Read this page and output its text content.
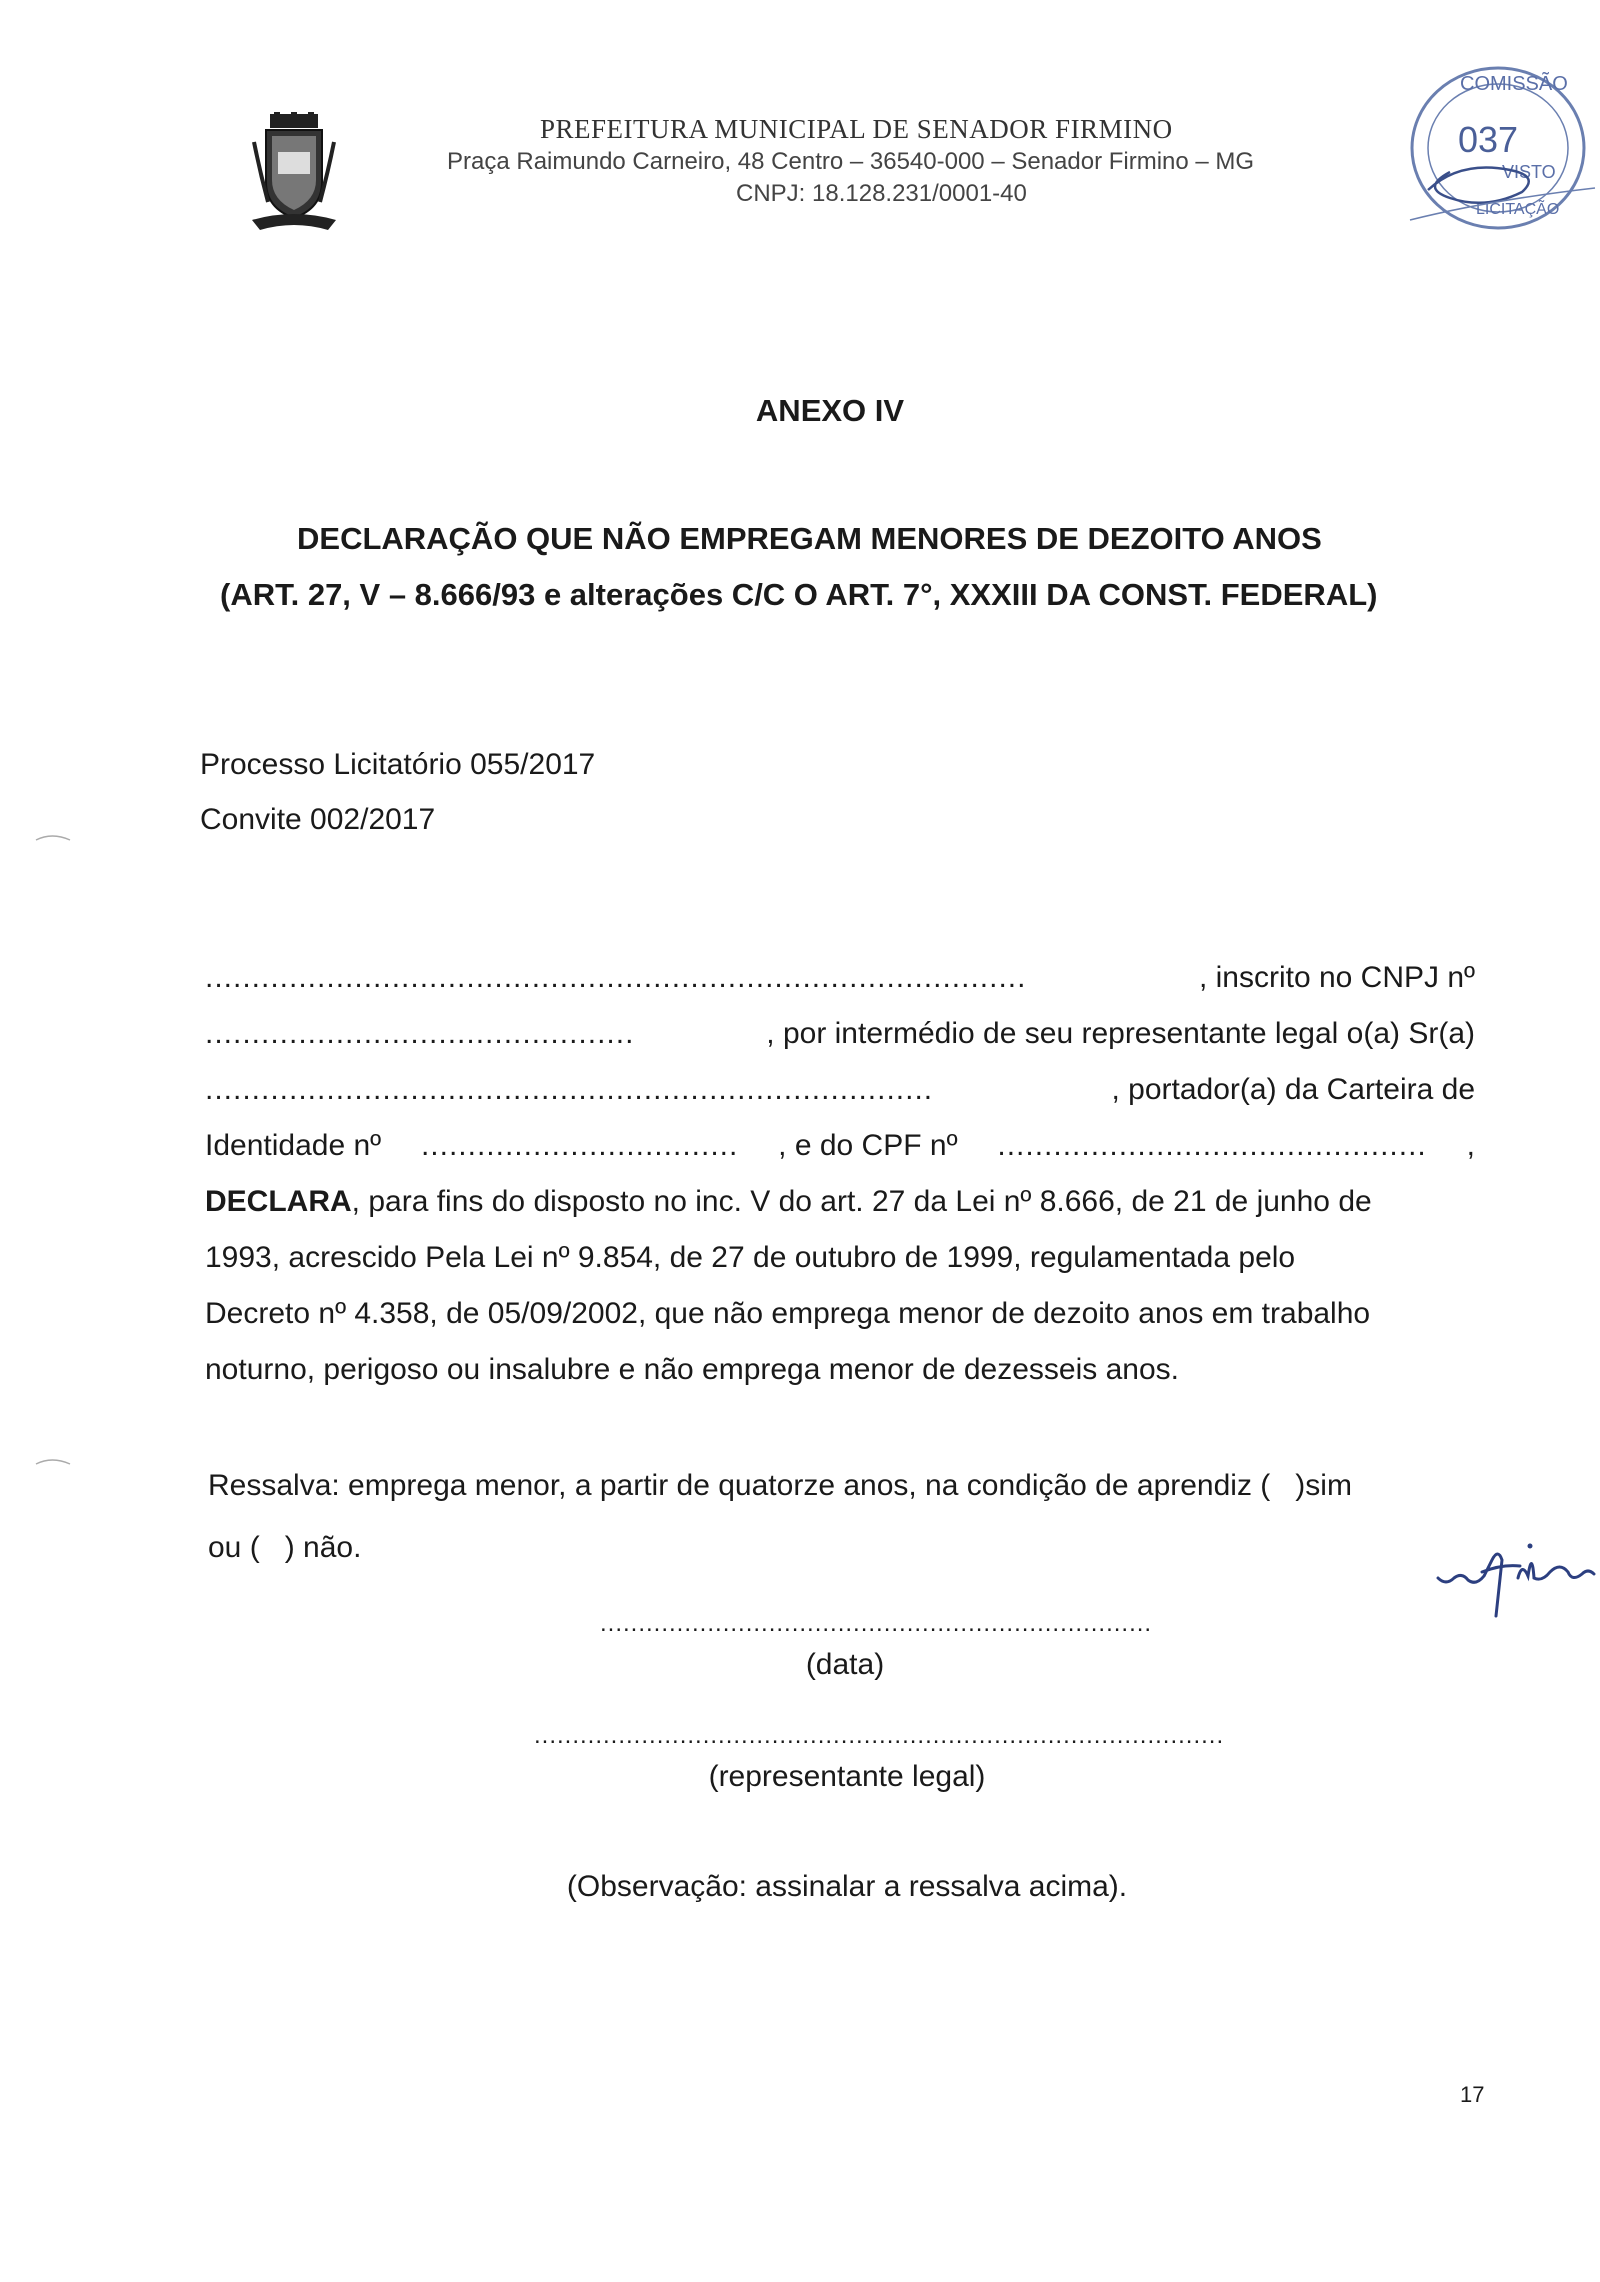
PREFEITURA MUNICIPAL DE SENADOR FIRMINO
Praça Raimundo Carneiro, 48 Centro – 36540-000 – Senador Firmino – MG
CNPJ: 18.128.231/0001-40
COMISSÃO
037
VISTO
LICITAÇÃO
ANEXO IV
DECLARAÇÃO QUE NÃO EMPREGAM MENORES DE DEZOITO ANOS
(ART. 27, V – 8.666/93 e alterações C/C O ART. 7°, XXXIII DA CONST. FEDERAL)
Processo Licitatório 055/2017
Convite 002/2017
........................................................................................	, inscrito no CNPJ nº
..............................................	, por intermédio de seu representante legal o(a) Sr(a)
..............................................................................	, portador(a) da Carteira de
Identidade nº .................................. , e do CPF nº .............................................. ,
DECLARA, para fins do disposto no inc. V do art. 27 da Lei nº 8.666, de 21 de junho de
1993, acrescido Pela Lei nº 9.854, de 27 de outubro de 1999, regulamentada pelo
Decreto nº 4.358, de 05/09/2002, que não emprega menor de dezoito anos em trabalho
noturno, perigoso ou insalubre e não emprega menor de dezesseis anos.
Ressalva: emprega menor, a partir de quatorze anos, na condição de aprendiz (   )sim
ou (   ) não.
........................................................................
(data)
..........................................................................................
(representante legal)
(Observação: assinalar a ressalva acima).
17
